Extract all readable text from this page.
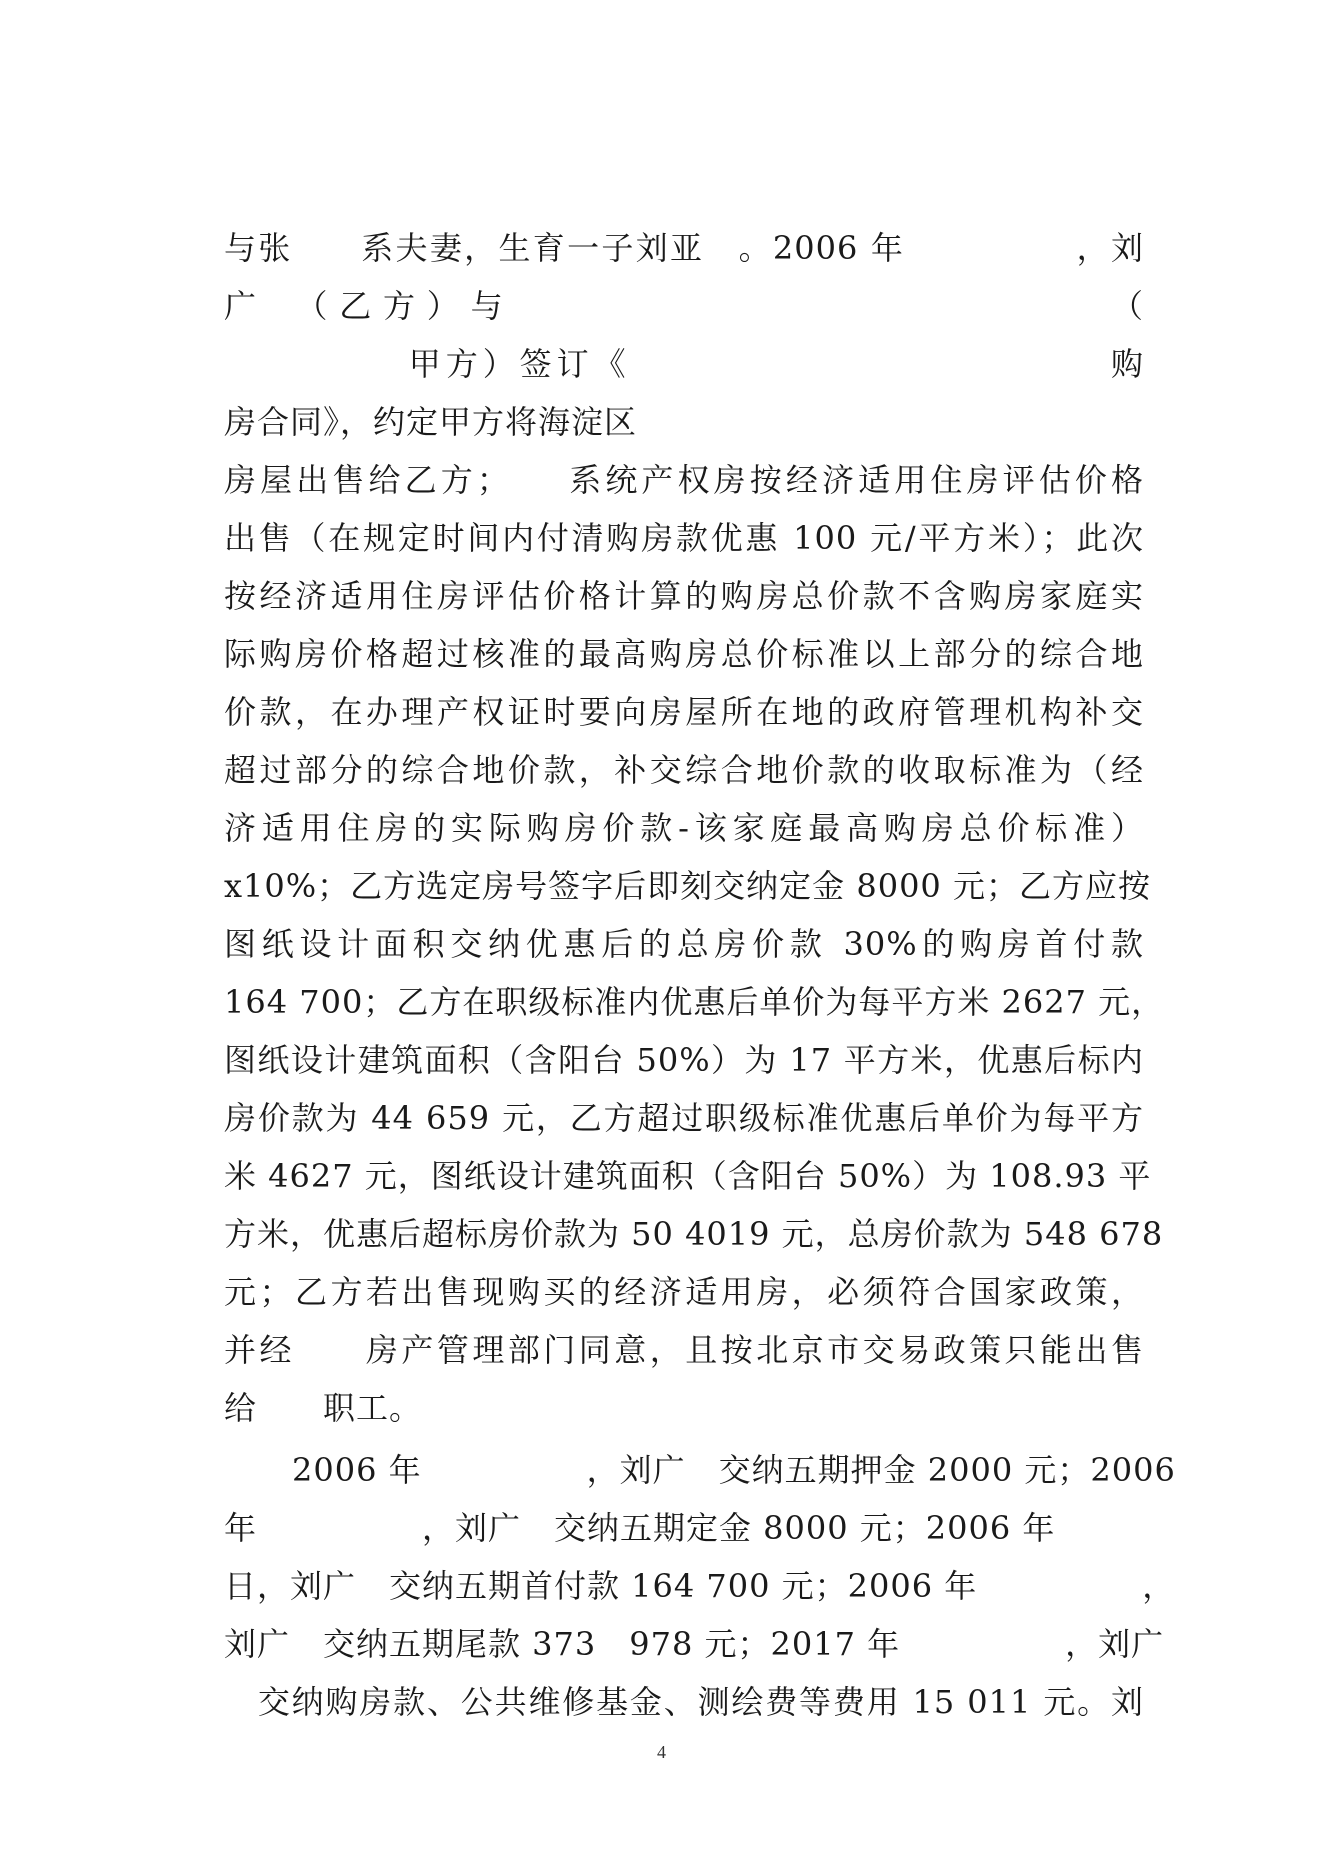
与张　　系夫妻，生育一子刘亚　。2006 年　　　　　，刘
广　（乙方）与　　　　　　　　　　　　　　（
　　　　　甲方）签订《　　　　　　　　　　　　　购
房合同》，约定甲方将海淀区
房屋出售给乙方；　　系统产权房按经济适用住房评估价格
出售（在规定时间内付清购房款优惠 100 元/平方米）；此次
按经济适用住房评估价格计算的购房总价款不含购房家庭实
际购房价格超过核准的最高购房总价标准以上部分的综合地
价款，在办理产权证时要向房屋所在地的政府管理机构补交
超过部分的综合地价款，补交综合地价款的收取标准为（经
济适用住房的实际购房价款-该家庭最高购房总价标准）
x10%；乙方选定房号签字后即刻交纳定金 8000 元；乙方应按
图纸设计面积交纳优惠后的总房价款 30%的购房首付款
164 700；乙方在职级标准内优惠后单价为每平方米 2627 元，
图纸设计建筑面积（含阳台 50%）为 17 平方米，优惠后标内
房价款为 44 659 元，乙方超过职级标准优惠后单价为每平方
米 4627 元，图纸设计建筑面积（含阳台 50%）为 108.93 平
方米，优惠后超标房价款为 50 4019 元，总房价款为 548 678
元；乙方若出售现购买的经济适用房，必须符合国家政策，
并经　　房产管理部门同意，且按北京市交易政策只能出售
给　　职工。
2006 年　　　　　，刘广　交纳五期押金 2000 元；2006
年　　　　　，刘广　交纳五期定金 8000 元；2006 年
日，刘广　交纳五期首付款 164 700 元；2006 年　　　　　，
刘广　交纳五期尾款 373　978 元；2017 年　　　　　，刘广
　交纳购房款、公共维修基金、测绘费等费用 15 011 元。刘
4
